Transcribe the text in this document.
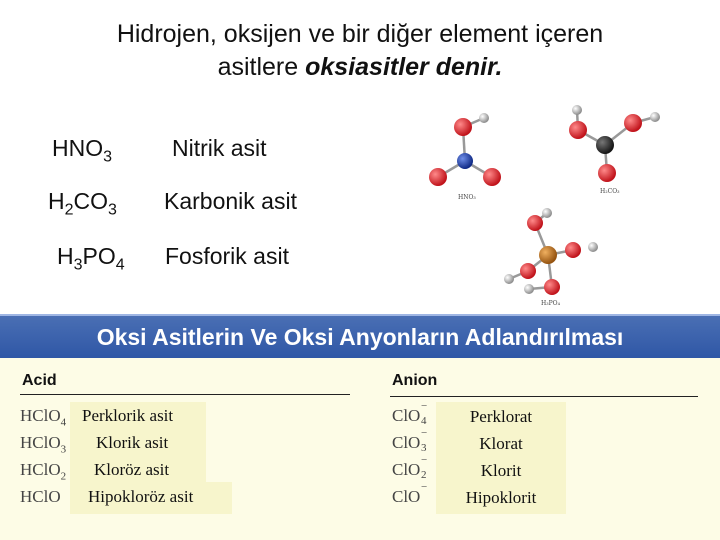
Hidrojen, oksijen ve bir diğer element içeren
asitlere oksiasitler denir.
$HNO_3$	Nitrik asit
$H_2CO_3$ Karbonik asit
$H_3PO_4$ Fosforik asit
HNO₃
H₂CO₃
H₃PO₄
Oksi Asitlerin Ve Oksi Anyonların Adlandırılması
Acid	Anion
HClO$_4$
HClO$_3$
HClO$_2$
HClO
ClO −
4
ClO −
3
ClO −
2
ClO −
Perklorik asit
Klorik asit
Kloröz asit
Hipokloröz asit
Perklorat
Klorat
Klorit
Hipoklorit
